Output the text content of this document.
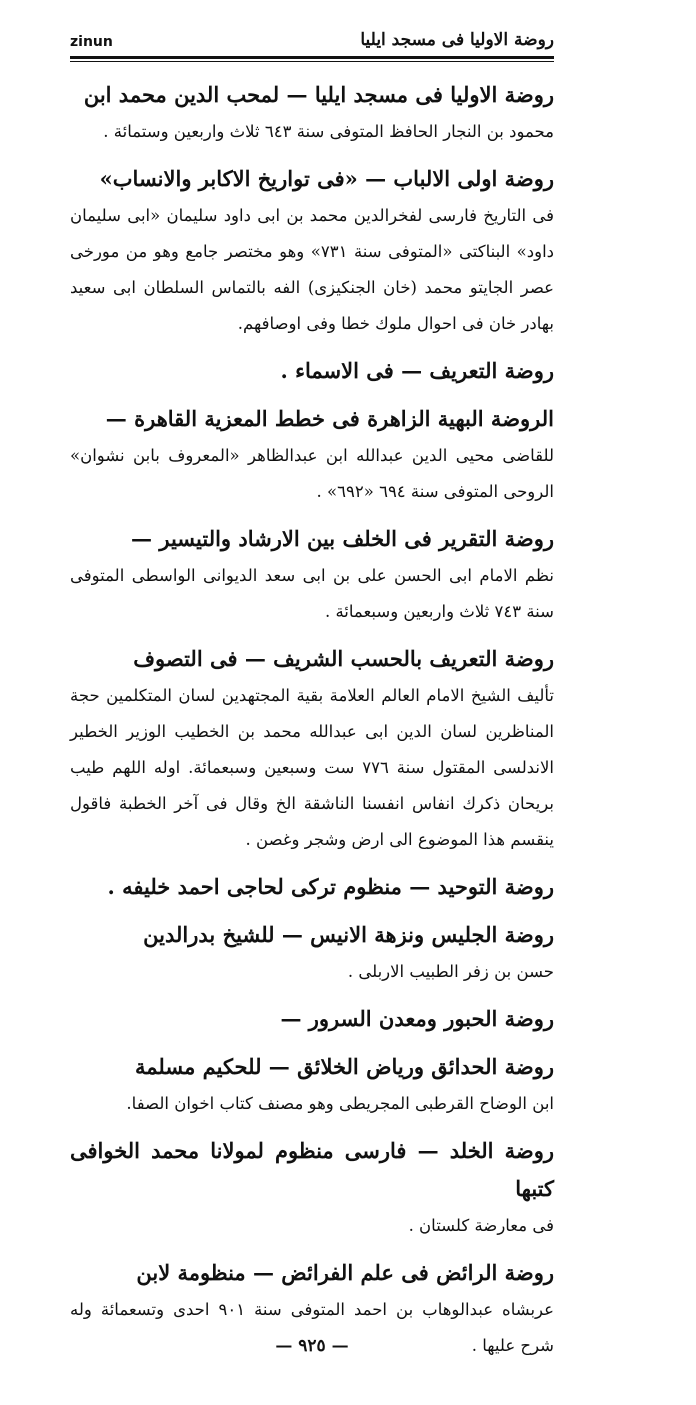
روضة الاوليا فى مسجد ايليا
zinun

روضة الاوليا فى مسجد ايليا — لمحب الدين محمد ابن

محمود بن النجار الحافظ المتوفى سنة ٦٤٣ ثلاث واربعين وستمائة .

روضة اولى الالباب — «فى تواريخ الاكابر والانساب»

فى التاريخ فارسى لفخرالدين محمد بن ابى داود سليمان «ابى سليمان داود» البناكتى «المتوفى سنة ٧٣١» وهو مختصر جامع وهو من مورخى عصر الجايتو محمد (خان الجنكيزى) الفه بالتماس السلطان ابى سعيد بهادر خان فى احوال ملوك خطا وفى اوصافهم.

روضة التعريف — فى الاسماء .

الروضة البهية الزاهرة فى خطط المعزية القاهرة —

للقاضى محيى الدين عبدالله ابن عبدالظاهر «المعروف بابن نشوان» الروحى المتوفى سنة ٦٩٤ «٦٩٢» .

روضة التقرير فى الخلف بين الارشاد والتيسير —

نظم الامام ابى الحسن على بن ابى سعد الديوانى الواسطى المتوفى سنة ٧٤٣ ثلاث واربعين وسبعمائة .

روضة التعريف بالحسب الشريف — فى التصوف

تأليف الشيخ الامام العالم العلامة بقية المجتهدين لسان المتكلمين حجة المناظرين لسان الدين ابى عبدالله محمد بن الخطيب الوزير الخطير الاندلسى المقتول سنة ٧٧٦ ست وسبعين وسبعمائة. اوله اللهم طيب بريحان ذكرك انفاس انفسنا الناشقة الخ وقال فى آخر الخطبة فاقول ينقسم هذا الموضوع الى ارض وشجر وغصن .

روضة التوحيد — منظوم تركى لحاجى احمد خليفه .

روضة الجليس ونزهة الانيس — للشيخ بدرالدين

حسن بن زفر الطبيب الاربلى .

روضة الحبور ومعدن السرور —

روضة الحدائق ورياض الخلائق — للحكيم مسلمة

ابن الوضاح القرطبى المجريطى وهو مصنف كتاب اخوان الصفا.

روضة الخلد — فارسى منظوم لمولانا محمد الخوافى كتبها

فى معارضة كلستان .

روضة الرائض فى علم الفرائض — منظومة لابن

عربشاه عبدالوهاب بن احمد المتوفى سنة ٩٠١ احدى وتسعمائة وله شرح عليها .

— ٩٢٥ —
